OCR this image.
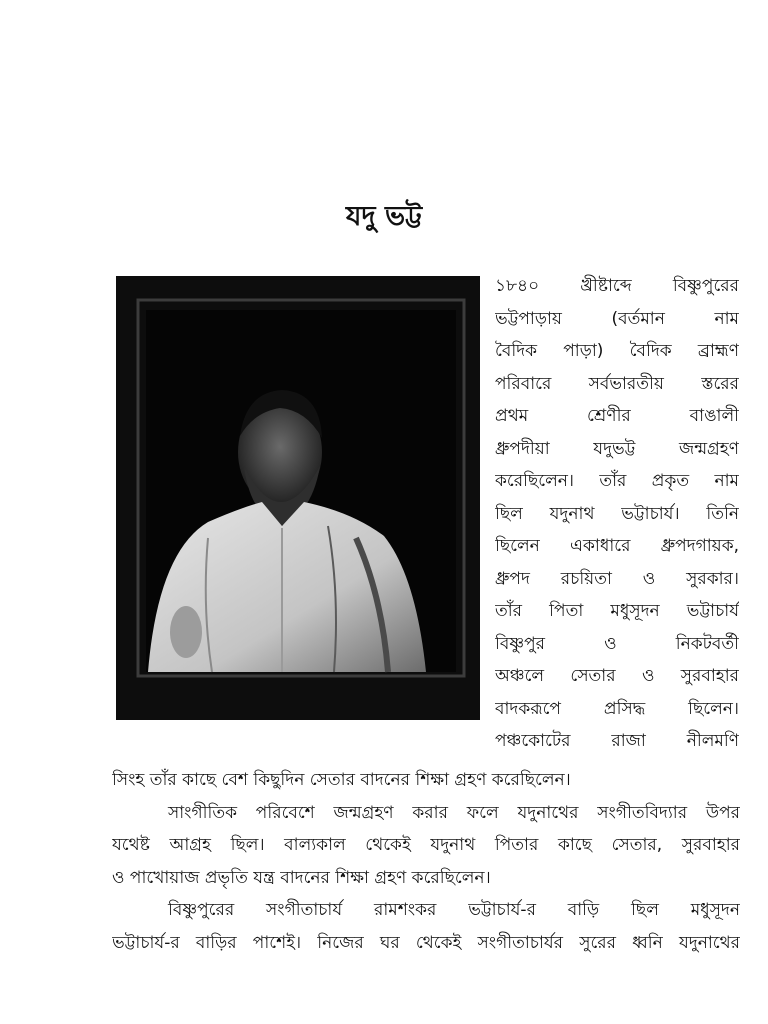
যদু ভট্ট
১৮৪০ খ্রীষ্টাব্দে বিষ্ণুপুরের
ভট্টপাড়ায় (বর্তমান নাম
বৈদিক পাড়া) বৈদিক ব্রাহ্মণ
পরিবারে সর্বভারতীয় স্তরের
প্রথম শ্রেণীর বাঙালী
ধ্রুপদীয়া যদুভট্ট জন্মগ্রহণ
করেছিলেন। তাঁর প্রকৃত নাম
ছিল যদুনাথ ভট্টাচার্য। তিনি
ছিলেন একাধারে ধ্রুপদগায়ক,
ধ্রুপদ রচয়িতা ও সুরকার।
তাঁর পিতা মধুসূদন ভট্টাচার্য
বিষ্ণুপুর ও নিকটবর্তী
অঞ্চলে সেতার ও সুরবাহার
বাদকরূপে প্রসিদ্ধ ছিলেন।
পঞ্চকোটের রাজা নীলমণি
সিংহ তাঁর কাছে বেশ কিছুদিন সেতার বাদনের শিক্ষা গ্রহণ করেছিলেন।
সাংগীতিক পরিবেশে জন্মগ্রহণ করার ফলে যদুনাথের সংগীতবিদ্যার উপর
যথেষ্ট আগ্রহ ছিল। বাল্যকাল থেকেই যদুনাথ পিতার কাছে সেতার, সুরবাহার
ও পাখোয়াজ প্রভৃতি যন্ত্র বাদনের শিক্ষা গ্রহণ করেছিলেন।
বিষ্ণুপুরের সংগীতাচার্য রামশংকর ভট্টাচার্য-র বাড়ি ছিল মধুসূদন
ভট্টাচার্য-র বাড়ির পাশেই। নিজের ঘর থেকেই সংগীতাচার্যর সুরের ধ্বনি যদুনাথের
